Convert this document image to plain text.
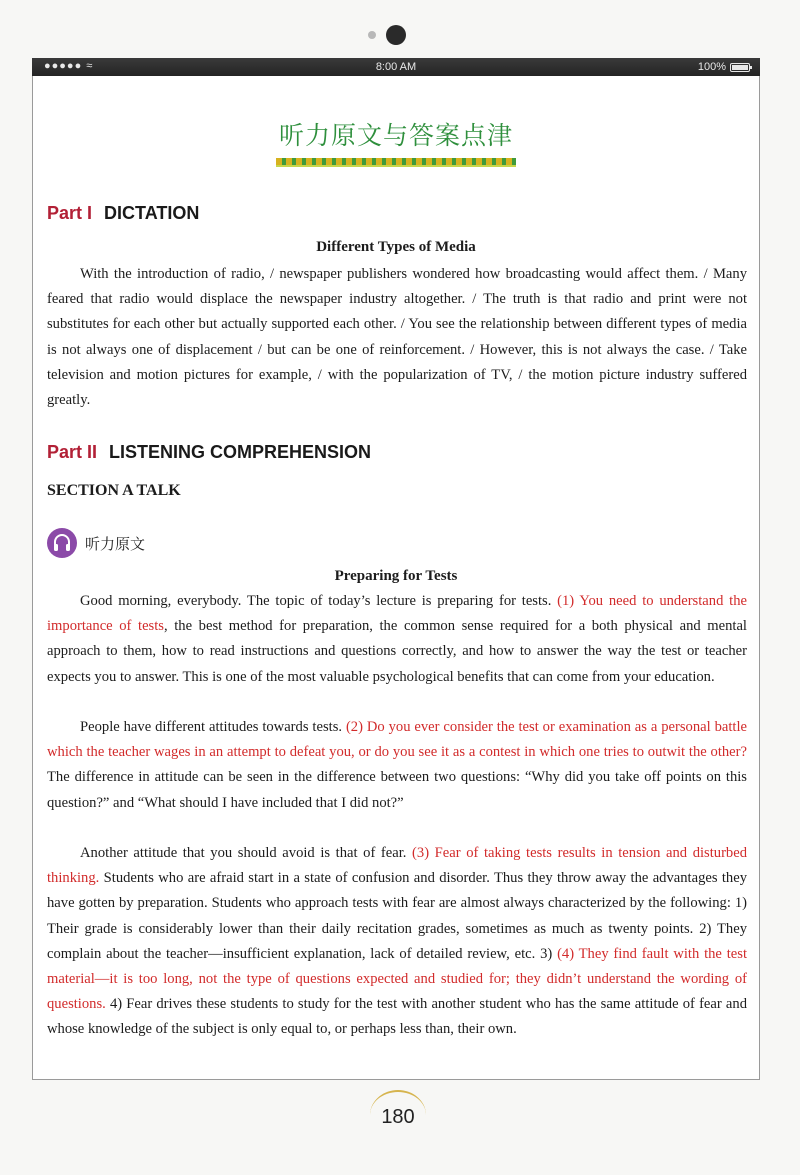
●●●●● ≈	8:00 AM	100%
听力原文与答案点津
Part I DICTATION
Different Types of Media
With the introduction of radio, / newspaper publishers wondered how broadcasting would affect them. / Many feared that radio would displace the newspaper industry altogether. / The truth is that radio and print were not substitutes for each other but actually supported each other. / You see the relationship between different types of media is not always one of displacement / but can be one of reinforcement. / However, this is not always the case. / Take television and motion pictures for example, / with the popularization of TV, / the motion picture industry suffered greatly.
Part II LISTENING COMPREHENSION
SECTION A TALK
听力原文
Preparing for Tests
Good morning, everybody. The topic of today’s lecture is preparing for tests. (1) You need to understand the importance of tests, the best method for preparation, the common sense required for a both physical and mental approach to them, how to read instructions and questions correctly, and how to answer the way the test or teacher expects you to answer. This is one of the most valuable psychological benefits that can come from your education.
People have different attitudes towards tests. (2) Do you ever consider the test or examination as a personal battle which the teacher wages in an attempt to defeat you, or do you see it as a contest in which one tries to outwit the other? The difference in attitude can be seen in the difference between two questions: “Why did you take off points on this question?” and “What should I have included that I did not?”
Another attitude that you should avoid is that of fear. (3) Fear of taking tests results in tension and disturbed thinking. Students who are afraid start in a state of confusion and disorder. Thus they throw away the advantages they have gotten by preparation. Students who approach tests with fear are almost always characterized by the following: 1) Their grade is considerably lower than their daily recitation grades, sometimes as much as twenty points. 2) They complain about the teacher—insufficient explanation, lack of detailed review, etc. 3) (4) They find fault with the test material—it is too long, not the type of questions expected and studied for; they didn’t understand the wording of questions. 4) Fear drives these students to study for the test with another student who has the same attitude of fear and whose knowledge of the subject is only equal to, or perhaps less than, their own.
180
